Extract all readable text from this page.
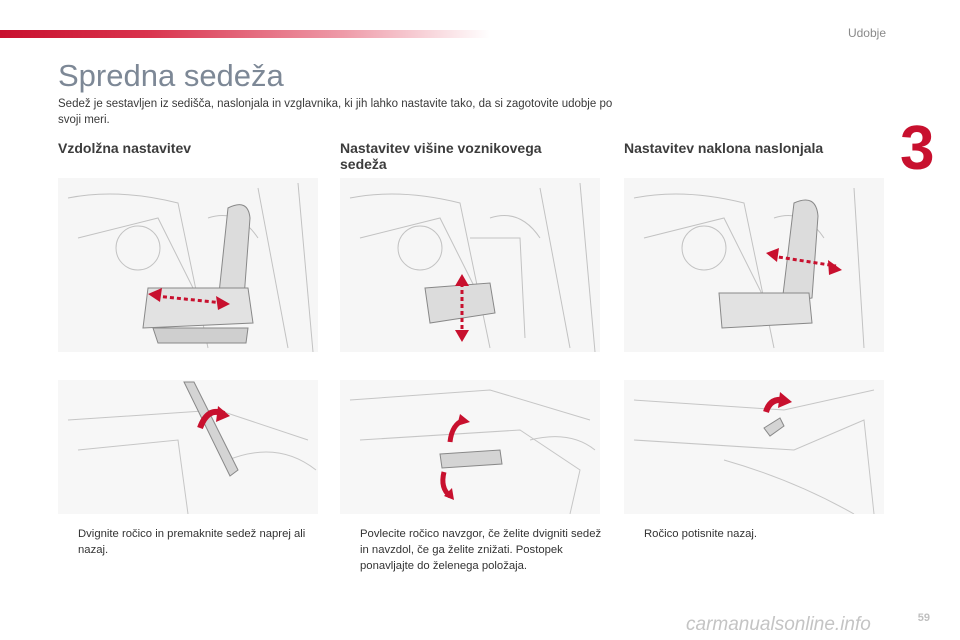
Udobje
3
Spredna sedeža
Sedež je sestavljen iz sedišča, naslonjala in vzglavnika, ki jih lahko nastavite tako, da si zagotovite udobje po svoji meri.
Vzdolžna nastavitev	Nastavitev višine voznikovega sedeža
Nastavitev naklona naslonjala
Dvignite ročico in premaknite sedež naprej ali nazaj.
Povlecite ročico navzgor, če želite dvigniti sedež in navzdol, če ga želite znižati. Postopek ponavljajte do želenega položaja.
Ročico potisnite nazaj.
carmanualsonline.info	59
